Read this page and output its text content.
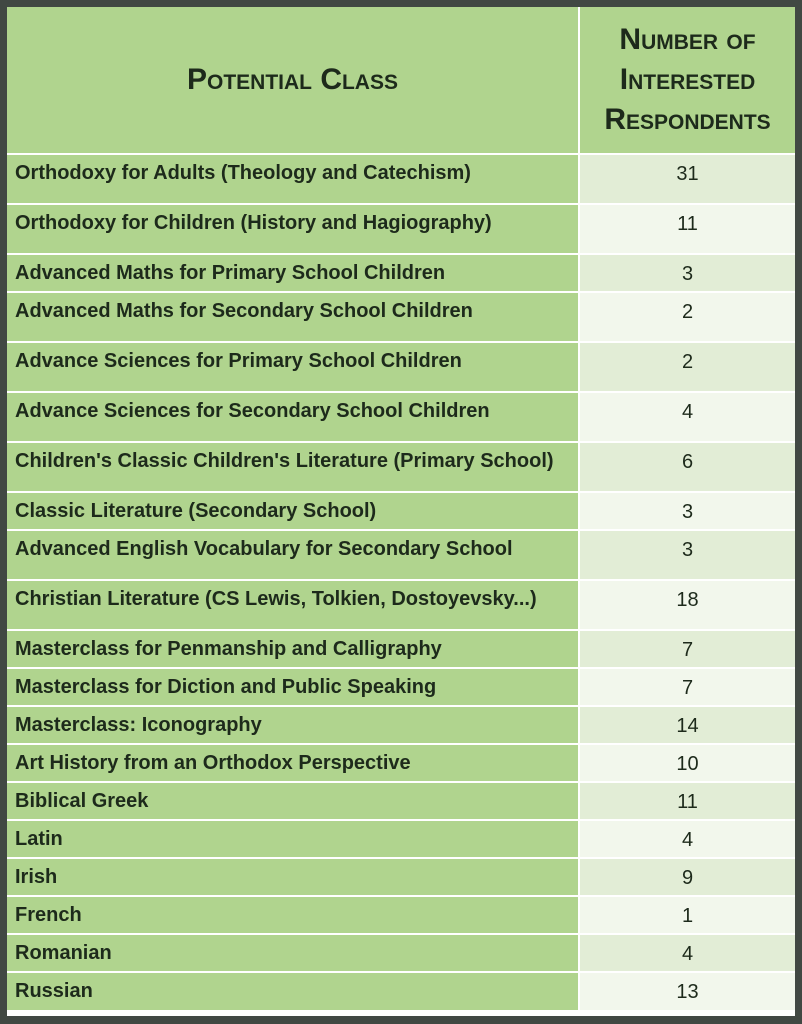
Potential Class	Number of
Interested
Respondents

Orthodoxy for Adults (Theology and Catechism)	31
Orthodoxy for Children (History and Hagiography)	11
Advanced Maths for Primary School Children	3
Advanced Maths for Secondary School Children	2
Advance Sciences for Primary School Children	2
Advance Sciences for Secondary School Children	4
Children's Classic Children's Literature (Primary School)	6
Classic Literature (Secondary School)	3
Advanced English Vocabulary for Secondary School	3
Christian Literature (CS Lewis, Tolkien, Dostoyevsky...)	18
Masterclass for Penmanship and Calligraphy	7
Masterclass for Diction and Public Speaking	7
Masterclass: Iconography	14
Art History from an Orthodox Perspective	10
Biblical Greek	11
Latin	4
Irish	9
French	1
Romanian	4
Russian	13
